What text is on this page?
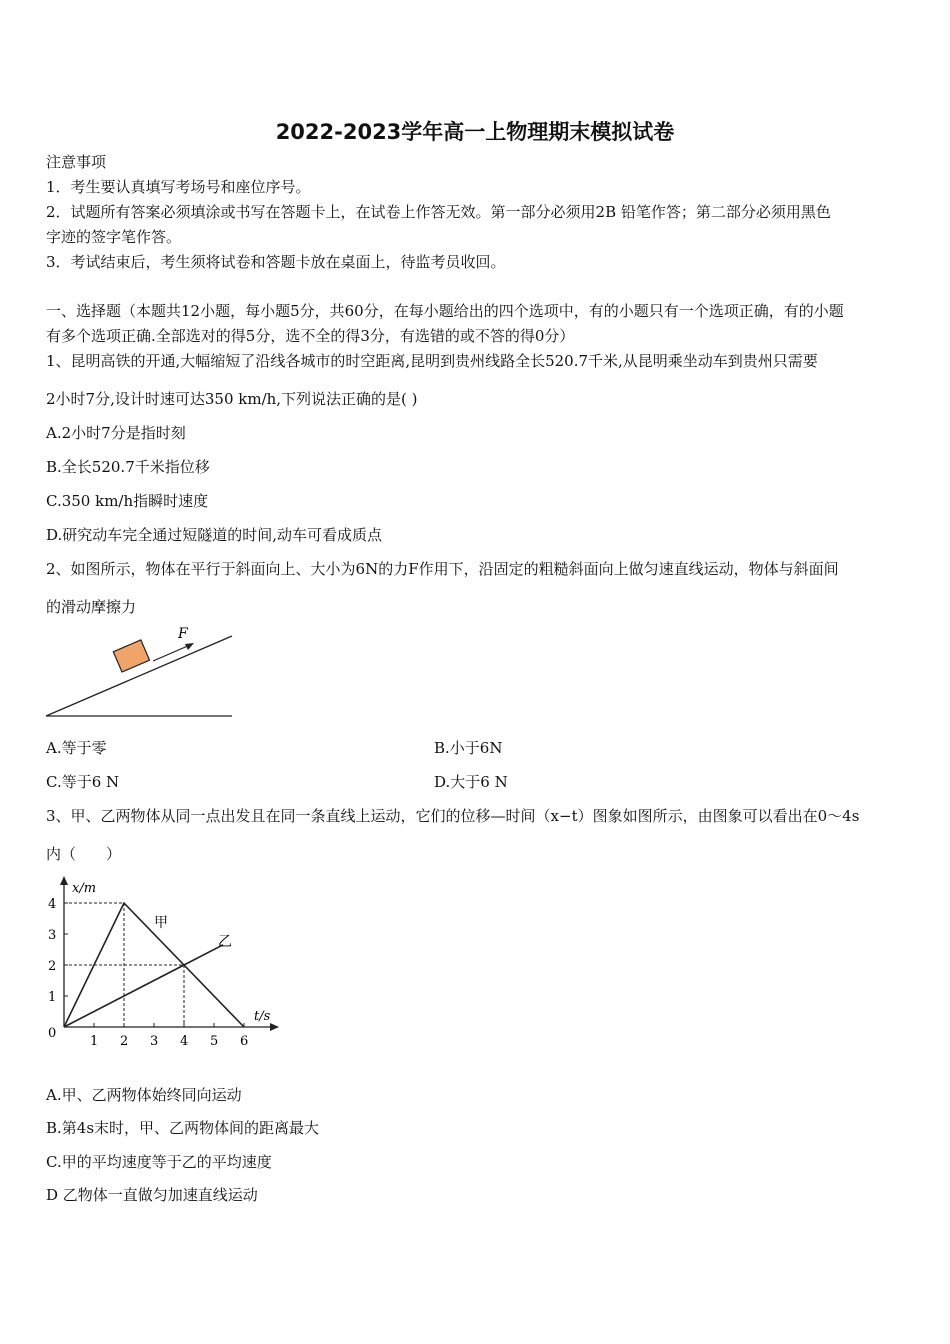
2022-2023学年高一上物理期末模拟试卷
注意事项
1．考生要认真填写考场号和座位序号。
2．试题所有答案必须填涂或书写在答题卡上，在试卷上作答无效。第一部分必须用2B 铅笔作答；第二部分必须用黑色
字迹的签字笔作答。
3．考试结束后，考生须将试卷和答题卡放在桌面上，待监考员收回。
一、选择题（本题共12小题，每小题5分，共60分，在每小题给出的四个选项中，有的小题只有一个选项正确，有的小题
有多个选项正确.全部选对的得5分，选不全的得3分，有选错的或不答的得0分）
1、昆明高铁的开通,大幅缩短了沿线各城市的时空距离,昆明到贵州线路全长520.7千米,从昆明乘坐动车到贵州只需要
2小时7分,设计时速可达350 km/h,下列说法正确的是( )
A.2小时7分是指时刻
B.全长520.7千米指位移
C.350 km/h指瞬时速度
D.研究动车完全通过短隧道的时间,动车可看成质点
2、如图所示，物体在平行于斜面向上、大小为6N的力F作用下，沿固定的粗糙斜面向上做匀速直线运动，物体与斜面间
的滑动摩擦力
F
A.等于零	B.小于6N
C.等于6 N	D.大于6 N
3、甲、乙两物体从同一点出发且在同一条直线上运动，它们的位移—时间（x−t）图象如图所示，由图象可以看出在0～4s
内（　　）
1 2 3 4 5 6
1
2
3
4
x/m
t/s
0
甲
乙
A.甲、乙两物体始终同向运动
B.第4s末时，甲、乙两物体间的距离最大
C.甲的平均速度等于乙的平均速度
D 乙物体一直做匀加速直线运动
